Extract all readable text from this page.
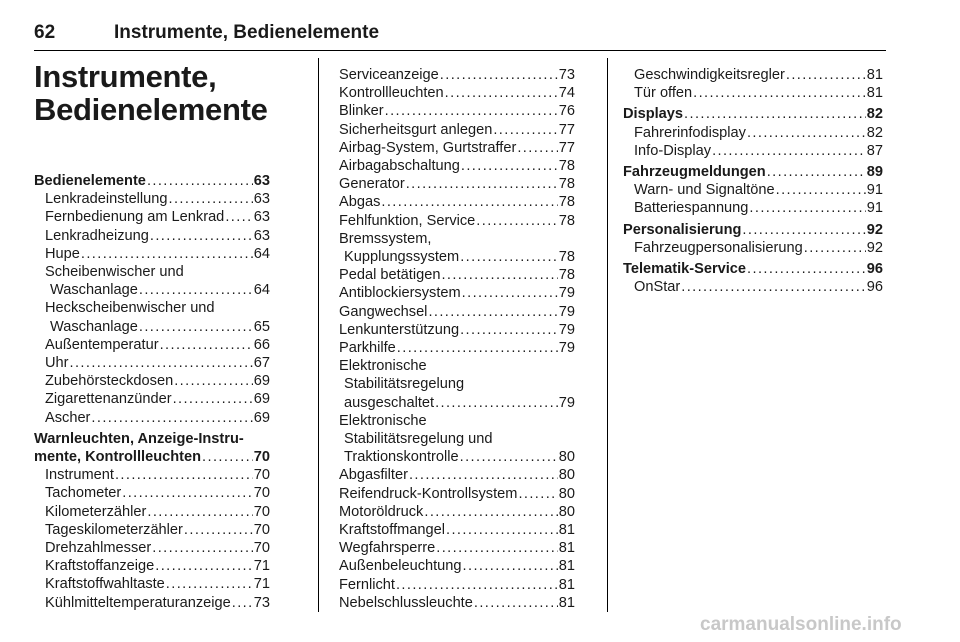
62	Instrumente, Bedienelemente
Instrumente,
Bedienelemente
Bedienelemente .....	63
Lenkradeinstellung .....	63
Fernbedienung am Lenkrad ..... 63
Lenkradheizung .....	63
Hupe .....	64
Scheibenwischer und
Waschanlage .....	64
Heckscheibenwischer und
Waschanlage .....	65
Außentemperatur .....	66
Uhr .....	67
Zubehörsteckdosen .....	69
Zigarettenanzünder .....	69
Ascher .....	69
Warnleuchten, Anzeige-Instru-
mente, Kontrollleuchten .....	70
Instrument .....	70
Tachometer .....	70
Kilometerzähler .....	70
Tageskilometerzähler .....	70
Drehzahlmesser .....	70
Kraftstoffanzeige .....	71
Kraftstoffwahltaste .....	71
Kühlmitteltemperaturanzeige ..... 73
Serviceanzeige .....	73
Kontrollleuchten .....	74
Blinker .....	76
Sicherheitsgurt anlegen .....	77
Airbag-System, Gurtstraffer .....	77
Airbagabschaltung .....	78
Generator .....	78
Abgas .....	78
Fehlfunktion, Service .....	78
Bremssystem,
Kupplungssystem .....	78
Pedal betätigen .....	78
Antiblockiersystem .....	79
Gangwechsel .....	79
Lenkunterstützung .....	79
Parkhilfe .....	79
Elektronische
Stabilitätsregelung
ausgeschaltet .....	79
Elektronische
Stabilitätsregelung und
Traktionskontrolle .....	80
Abgasfilter .....	80
Reifendruck-Kontrollsystem .....	80
Motoröldruck .....	80
Kraftstoffmangel .....	81
Wegfahrsperre .....	81
Außenbeleuchtung .....	81
Fernlicht .....	81
Nebelschlussleuchte .....	81
Geschwindigkeitsregler .....	81
Tür offen .....	81
Displays .....	82
Fahrerinfodisplay .....	82
Info-Display .....	87
Fahrzeugmeldungen .....	89
Warn- und Signaltöne .....	91
Batteriespannung .....	91
Personalisierung .....	92
Fahrzeugpersonalisierung .....	92
Telematik-Service .....	96
OnStar .....	96
carmanualsonline.info
